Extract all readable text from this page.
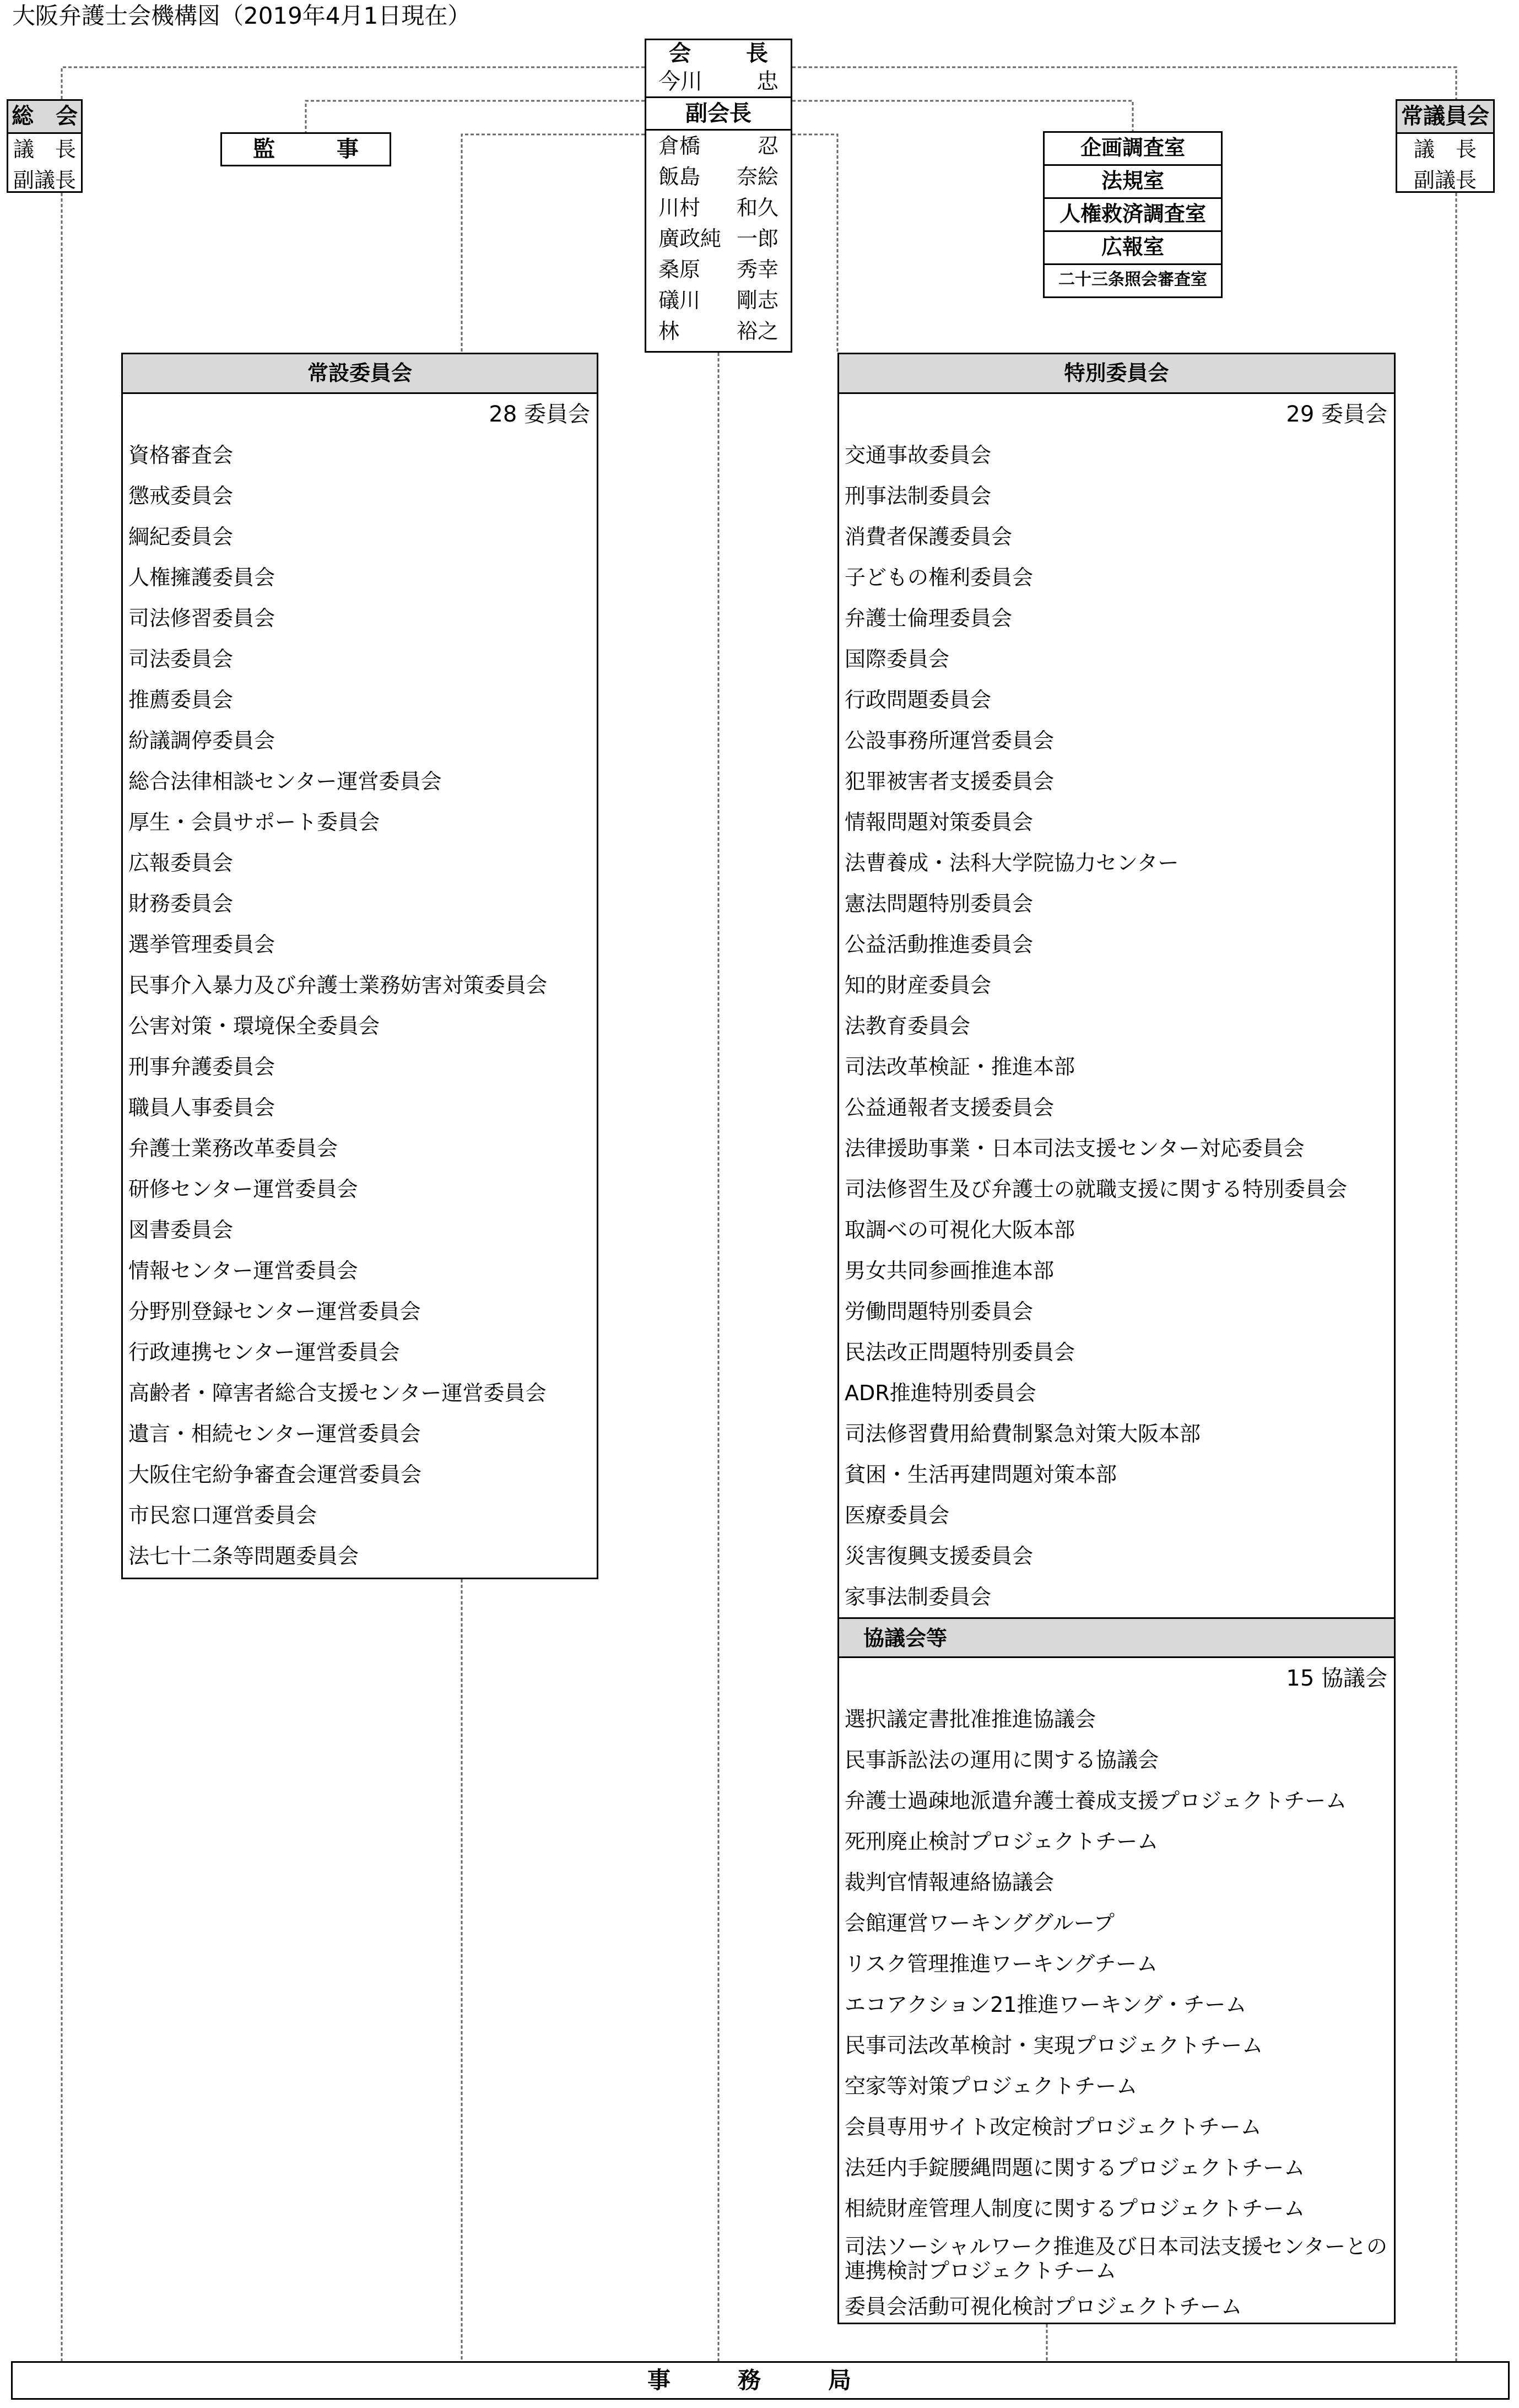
大阪弁護士会機構図（2019年4月1日現在）
会　長
今川 忠
副会長
倉橋	忍
飯島 奈絵
川村 和久
廣政純 一郎
桑原 秀幸
礒川 剛志
林	裕之
総　会
議　長
副議長
常議員会
議　長
副議長
監　事	企画調査室
法規室
人権救済調査室
広報室
二十三条照会審査室
常設委員会
28 委員会
資格審査会
懲戒委員会
綱紀委員会
人権擁護委員会
司法修習委員会
司法委員会
推薦委員会
紛議調停委員会
総合法律相談センター運営委員会
厚生・会員サポート委員会
広報委員会
財務委員会
選挙管理委員会
民事介入暴力及び弁護士業務妨害対策委員会
公害対策・環境保全委員会
刑事弁護委員会
職員人事委員会
弁護士業務改革委員会
研修センター運営委員会
図書委員会
情報センター運営委員会
分野別登録センター運営委員会
行政連携センター運営委員会
高齢者・障害者総合支援センター運営委員会
遺言・相続センター運営委員会
大阪住宅紛争審査会運営委員会
市民窓口運営委員会
法七十二条等問題委員会
特別委員会
29 委員会
交通事故委員会
刑事法制委員会
消費者保護委員会
子どもの権利委員会
弁護士倫理委員会
国際委員会
行政問題委員会
公設事務所運営委員会
犯罪被害者支援委員会
情報問題対策委員会
法曹養成・法科大学院協力センター
憲法問題特別委員会
公益活動推進委員会
知的財産委員会
法教育委員会
司法改革検証・推進本部
公益通報者支援委員会
法律援助事業・日本司法支援センター対応委員会
司法修習生及び弁護士の就職支援に関する特別委員会
取調べの可視化大阪本部
男女共同参画推進本部
労働問題特別委員会
民法改正問題特別委員会
ADR推進特別委員会
司法修習費用給費制緊急対策大阪本部
貧困・生活再建問題対策本部
医療委員会
災害復興支援委員会
家事法制委員会
協議会等
15 協議会
選択議定書批准推進協議会
民事訴訟法の運用に関する協議会
弁護士過疎地派遣弁護士養成支援プロジェクトチーム
死刑廃止検討プロジェクトチーム
裁判官情報連絡協議会
会館運営ワーキンググループ
リスク管理推進ワーキングチーム
エコアクション21推進ワーキング・チーム
民事司法改革検討・実現プロジェクトチーム
空家等対策プロジェクトチーム
会員専用サイト改定検討プロジェクトチーム
法廷内手錠腰縄問題に関するプロジェクトチーム
相続財産管理人制度に関するプロジェクトチーム
司法ソーシャルワーク推進及び日本司法支援センターとの連携検討プロジェクトチーム
委員会活動可視化検討プロジェクトチーム
事　務　局
